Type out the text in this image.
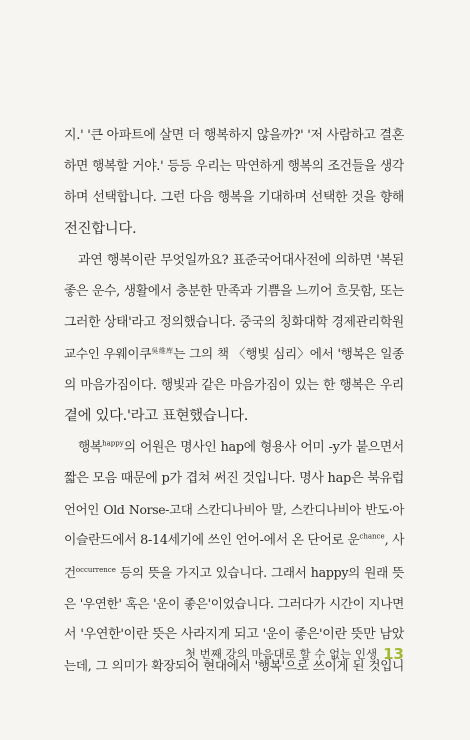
지.' '큰 아파트에 살면 더 행복하지 않을까?' '저 사람하고 결혼
하면 행복할 거야.' 등등 우리는 막연하게 행복의 조건들을 생각
하며 선택합니다. 그런 다음 행복을 기대하며 선택한 것을 향해
전진합니다.
과연 행복이란 무엇일까요? 표준국어대사전에 의하면 '복된
좋은 운수, 생활에서 충분한 만족과 기쁨을 느끼어 흐뭇함, 또는
그러한 상태'라고 정의했습니다. 중국의 칭화대학 경제관리학원
교수인 우웨이쿠$^{吳维库}$는 그의 책 〈행빛 심리〉에서 '행복은 일종
의 마음가짐이다. 행빛과 같은 마음가짐이 있는 한 행복은 우리
곁에 있다.'라고 표현했습니다.
행복$^{happy}$의 어원은 명사인 hap에 형용사 어미 -y가 붙으면서
짧은 모음 때문에 p가 겹쳐 써진 것입니다. 명사 hap은 북유럽
언어인 Old Norse-고대 스칸디나비아 말, 스칸디나비아 반도·아
이슬란드에서 8-14세기에 쓰인 언어-에서 온 단어로 운$^{chance}$, 사
건$^{occurrence}$ 등의 뜻을 가지고 있습니다. 그래서 happy의 원래 뜻
은 '우연한' 혹은 '운이 좋은'이었습니다. 그러다가 시간이 지나면
서 '우연한'이란 뜻은 사라지게 되고 '운이 좋은'이란 뜻만 남았
는데, 그 의미가 확장되어 현대에서 '행복'으로 쓰이게 된 것입니
첫 번째 강의 마음대로 할 수 없는 인생 13
